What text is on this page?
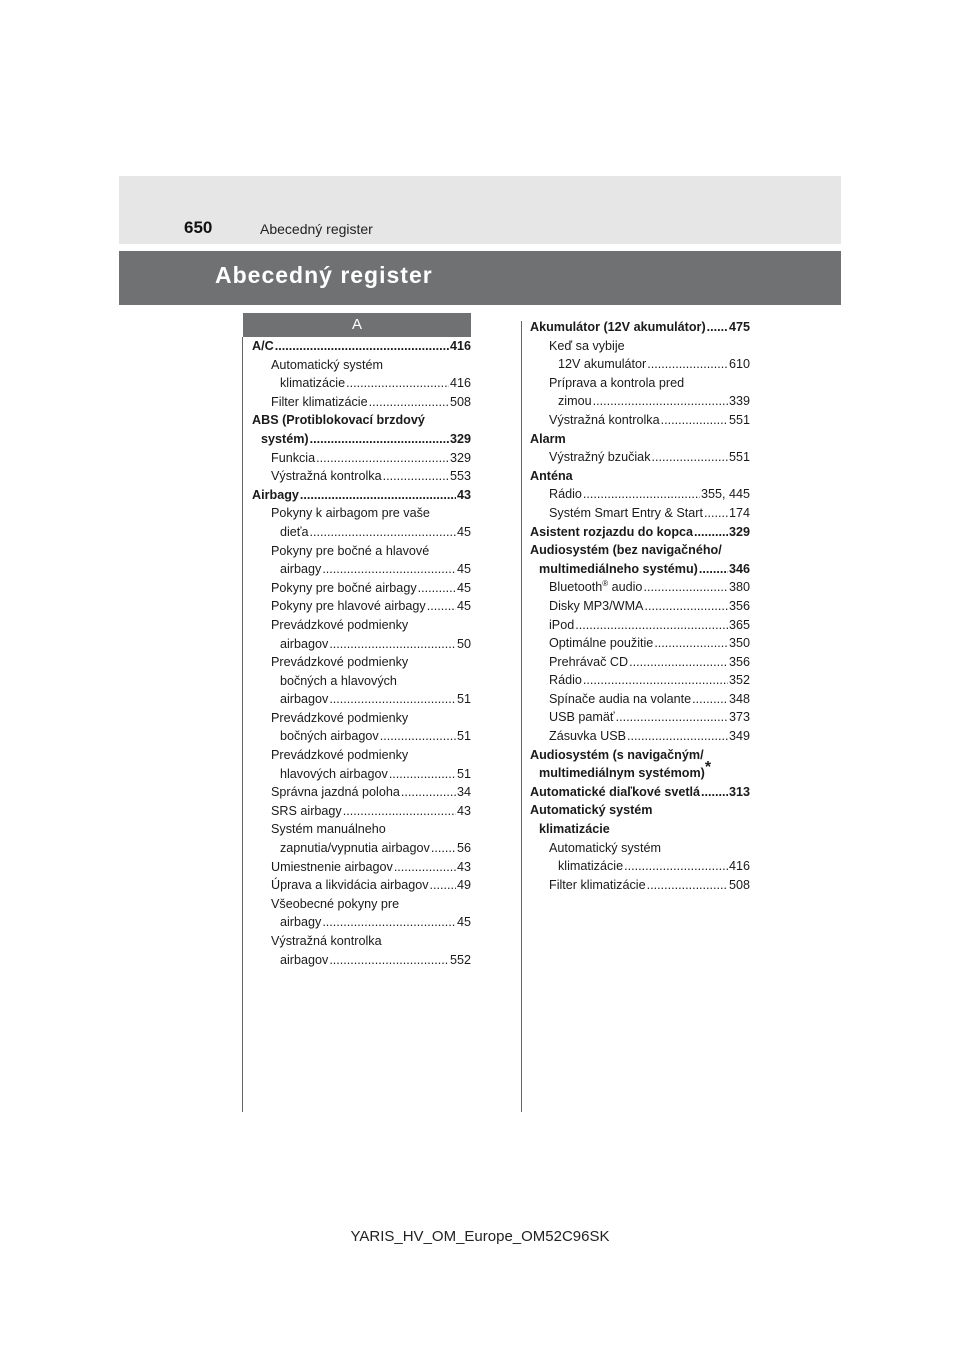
650	Abecedný register
Abecedný register
A
A/C .....	416
Automatický systém
klimatizácie .....	416
Filter klimatizácie .....	508
ABS (Protiblokovací brzdový
systém) .....	329
Funkcia .....	329
Výstražná kontrolka .....	553
Airbagy .....	43
Pokyny k airbagom pre vaše
dieťa .....	45
Pokyny pre bočné a hlavové
airbagy .....	45
Pokyny pre bočné airbagy .....	45
Pokyny pre hlavové airbagy ..... 45
Prevádzkové podmienky
airbagov .....	50
Prevádzkové podmienky
bočných a hlavových
airbagov .....	51
Prevádzkové podmienky
bočných airbagov .....	51
Prevádzkové podmienky
hlavových airbagov .....	51
Správna jazdná poloha .....	34
SRS airbagy .....	43
Systém manuálneho
zapnutia/vypnutia airbagov ..... 56
Umiestnenie airbagov .....	43
Úprava a likvidácia airbagov ..... 49
Všeobecné pokyny pre
airbagy .....	45
Výstražná kontrolka
airbagov .....	552
Akumulátor (12V akumulátor) ..... 475
Keď sa vybije
12V akumulátor .....	610
Príprava a kontrola pred
zimou .....	339
Výstražná kontrolka .....	551
Alarm
Výstražný bzučiak .....	551
Anténa
Rádio .....	355, 445
Systém Smart Entry & Start ..... 174
Asistent rozjazdu do kopca .....	329
Audiosystém (bez navigačného/
multimediálneho systému) ..... 346
Bluetooth® audio .....	380
Disky MP3/WMA .....	356
iPod .....	365
Optimálne použitie .....	350
Prehrávač CD .....	356
Rádio .....	352
Spínače audia na volante .....	348
USB pamäť .....	373
Zásuvka USB .....	349
Audiosystém (s navigačným/
multimediálnym systémom)*
Automatické diaľkové svetlá ..... 313
Automatický systém
klimatizácie
Automatický systém
klimatizácie .....	416
Filter klimatizácie .....	508
YARIS_HV_OM_Europe_OM52C96SK
